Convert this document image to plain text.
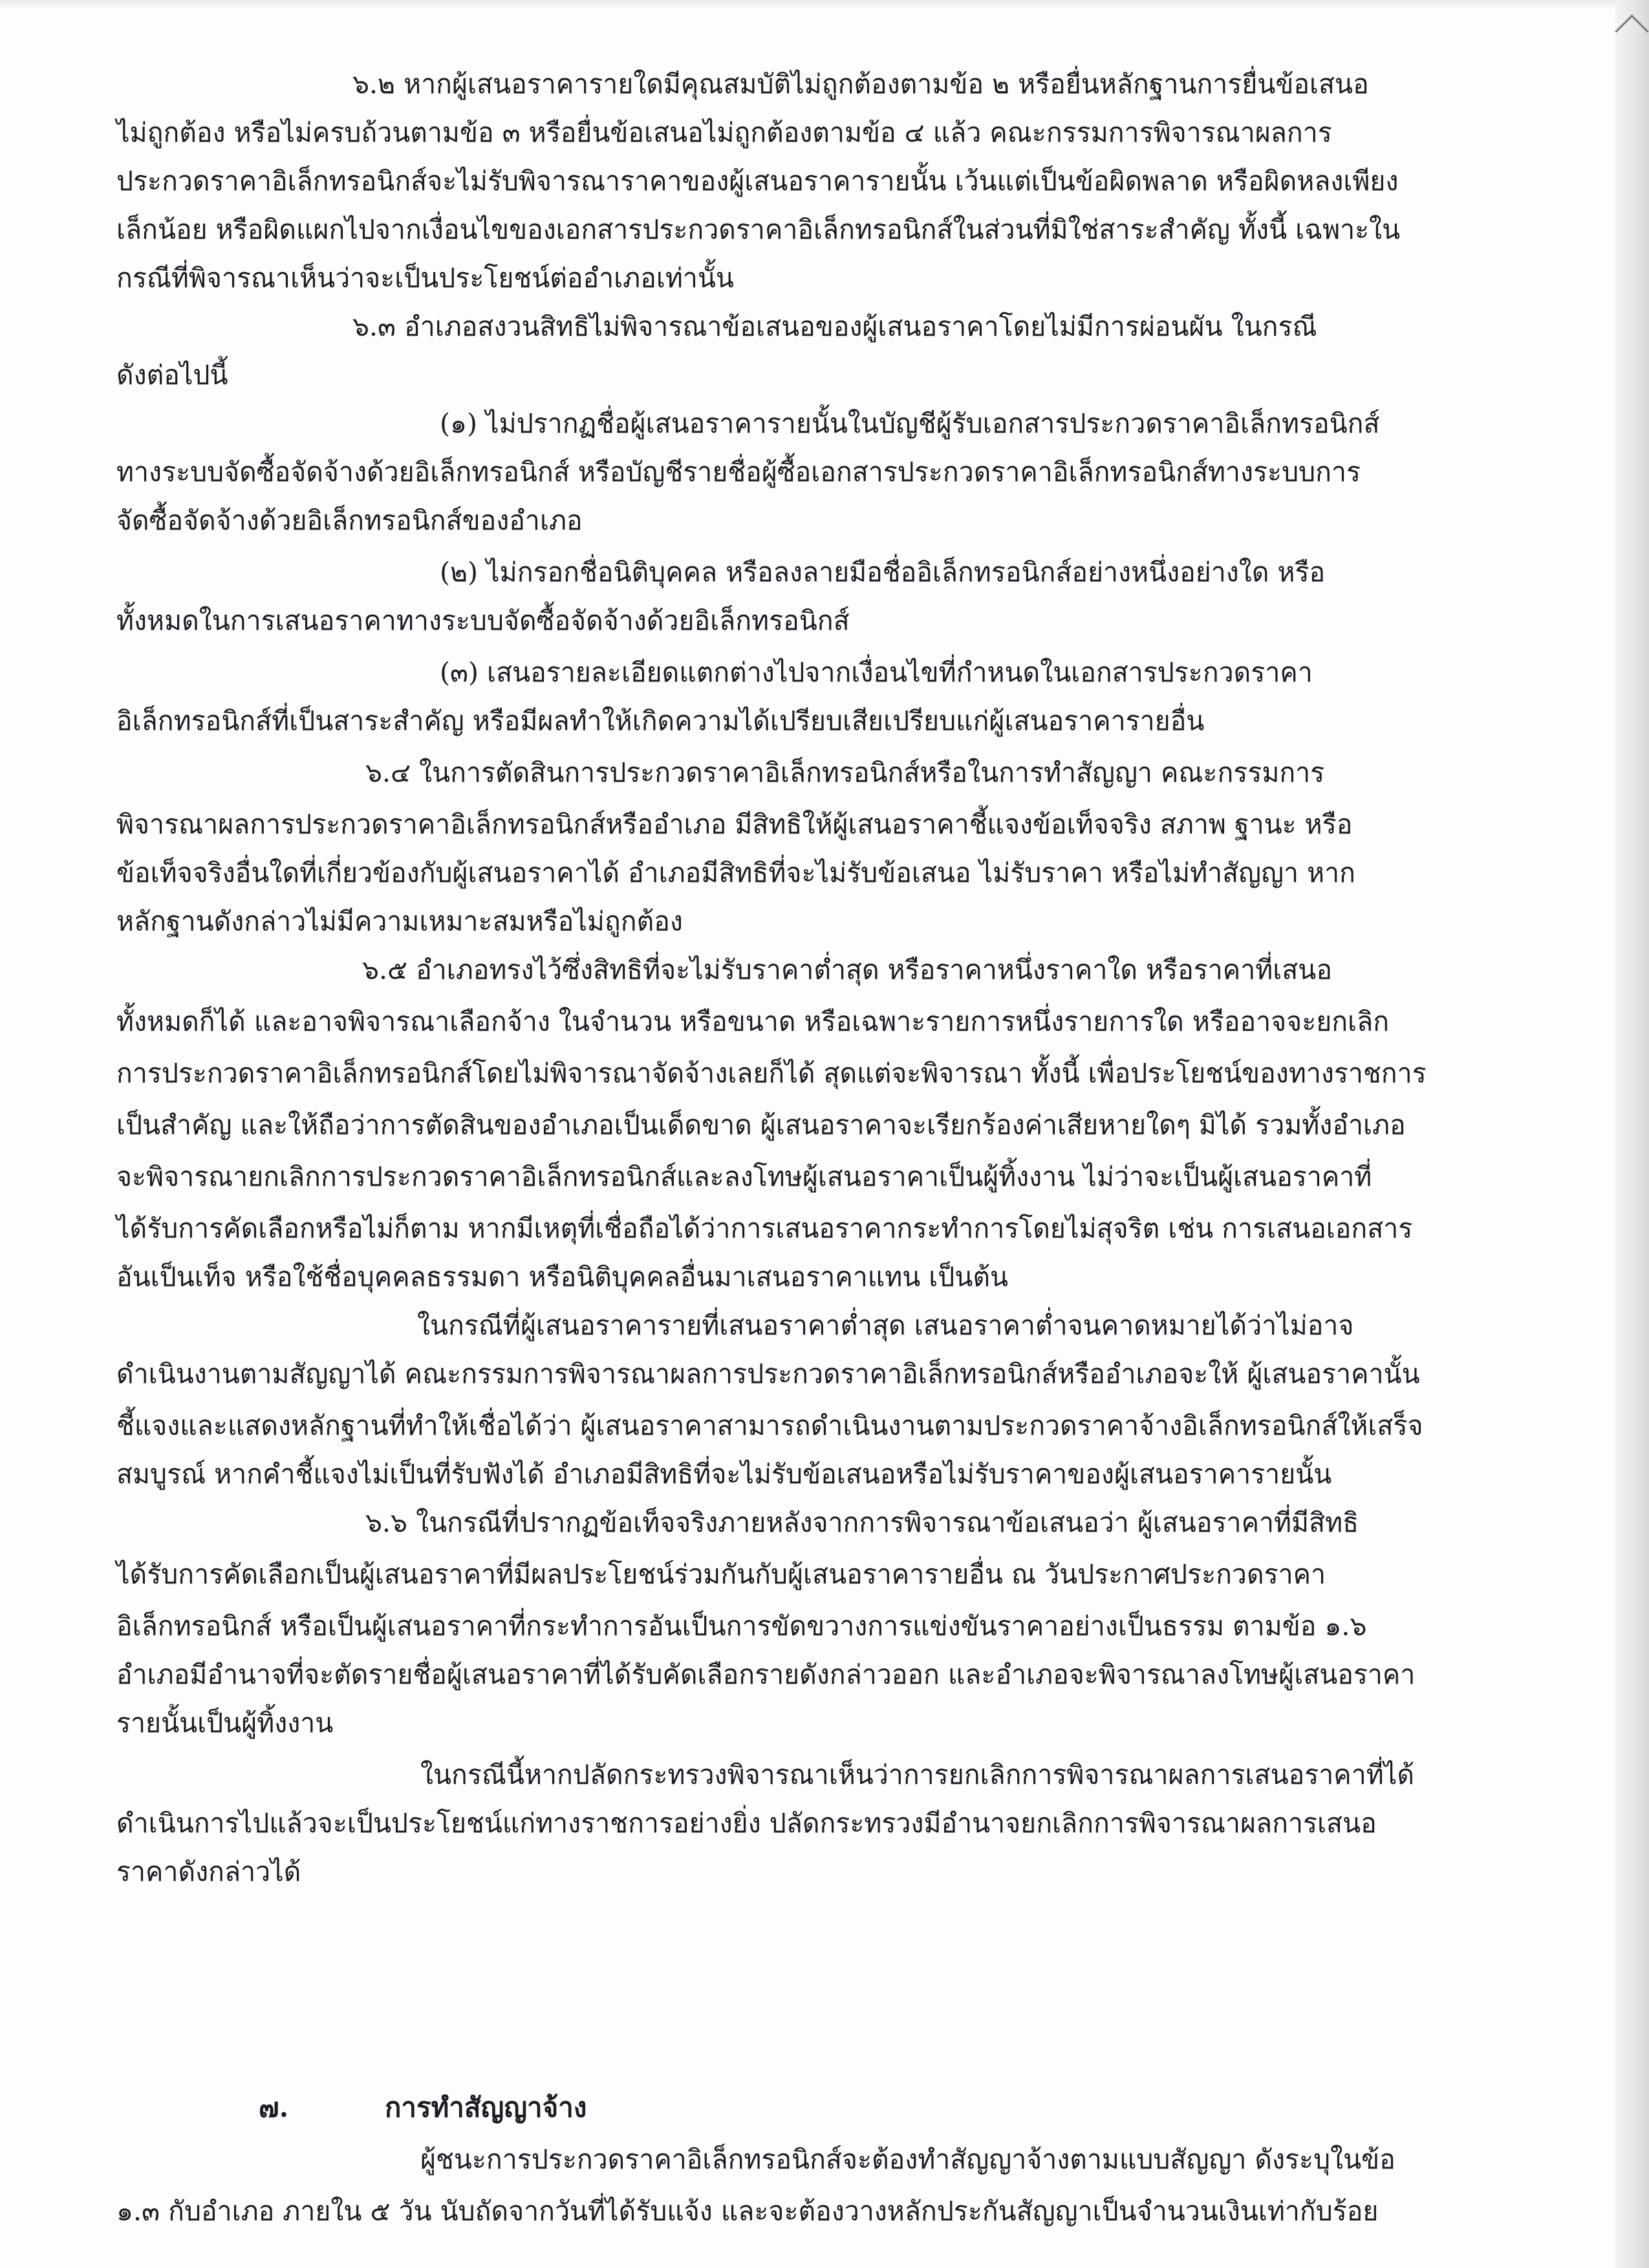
๖.๒ หากผู้เสนอราคารายใดมีคุณสมบัติไม่ถูกต้องตามข้อ ๒ หรือยื่นหลักฐานการยื่นข้อเสนอ
ไม่ถูกต้อง หรือไม่ครบถ้วนตามข้อ ๓ หรือยื่นข้อเสนอไม่ถูกต้องตามข้อ ๔ แล้ว คณะกรรมการพิจารณาผลการ
ประกวดราคาอิเล็กทรอนิกส์จะไม่รับพิจารณาราคาของผู้เสนอราคารายนั้น เว้นแต่เป็นข้อผิดพลาด หรือผิดหลงเพียง
เล็กน้อย หรือผิดแผกไปจากเงื่อนไขของเอกสารประกวดราคาอิเล็กทรอนิกส์ในส่วนที่มิใช่สาระสำคัญ ทั้งนี้ เฉพาะใน
กรณีที่พิจารณาเห็นว่าจะเป็นประโยชน์ต่ออำเภอเท่านั้น
๖.๓ อำเภอสงวนสิทธิไม่พิจารณาข้อเสนอของผู้เสนอราคาโดยไม่มีการผ่อนผัน ในกรณี
ดังต่อไปนี้
(๑) ไม่ปรากฏชื่อผู้เสนอราคารายนั้นในบัญชีผู้รับเอกสารประกวดราคาอิเล็กทรอนิกส์
ทางระบบจัดซื้อจัดจ้างด้วยอิเล็กทรอนิกส์ หรือบัญชีรายชื่อผู้ซื้อเอกสารประกวดราคาอิเล็กทรอนิกส์ทางระบบการ
จัดซื้อจัดจ้างด้วยอิเล็กทรอนิกส์ของอำเภอ
(๒) ไม่กรอกชื่อนิติบุคคล หรือลงลายมือชื่ออิเล็กทรอนิกส์อย่างหนึ่งอย่างใด หรือ
ทั้งหมดในการเสนอราคาทางระบบจัดซื้อจัดจ้างด้วยอิเล็กทรอนิกส์
(๓) เสนอรายละเอียดแตกต่างไปจากเงื่อนไขที่กำหนดในเอกสารประกวดราคา
อิเล็กทรอนิกส์ที่เป็นสาระสำคัญ หรือมีผลทำให้เกิดความได้เปรียบเสียเปรียบแก่ผู้เสนอราคารายอื่น
๖.๔ ในการตัดสินการประกวดราคาอิเล็กทรอนิกส์หรือในการทำสัญญา คณะกรรมการ
พิจารณาผลการประกวดราคาอิเล็กทรอนิกส์หรืออำเภอ มีสิทธิให้ผู้เสนอราคาชี้แจงข้อเท็จจริง สภาพ ฐานะ หรือ
ข้อเท็จจริงอื่นใดที่เกี่ยวข้องกับผู้เสนอราคาได้ อำเภอมีสิทธิที่จะไม่รับข้อเสนอ ไม่รับราคา หรือไม่ทำสัญญา หาก
หลักฐานดังกล่าวไม่มีความเหมาะสมหรือไม่ถูกต้อง
๖.๕ อำเภอทรงไว้ซึ่งสิทธิที่จะไม่รับราคาต่ำสุด หรือราคาหนึ่งราคาใด หรือราคาที่เสนอ
ทั้งหมดก็ได้ และอาจพิจารณาเลือกจ้าง ในจำนวน หรือขนาด หรือเฉพาะรายการหนึ่งรายการใด หรืออาจจะยกเลิก
การประกวดราคาอิเล็กทรอนิกส์โดยไม่พิจารณาจัดจ้างเลยก็ได้ สุดแต่จะพิจารณา ทั้งนี้ เพื่อประโยชน์ของทางราชการ
เป็นสำคัญ และให้ถือว่าการตัดสินของอำเภอเป็นเด็ดขาด ผู้เสนอราคาจะเรียกร้องค่าเสียหายใดๆ มิได้ รวมทั้งอำเภอ
จะพิจารณายกเลิกการประกวดราคาอิเล็กทรอนิกส์และลงโทษผู้เสนอราคาเป็นผู้ทิ้งงาน ไม่ว่าจะเป็นผู้เสนอราคาที่
ได้รับการคัดเลือกหรือไม่ก็ตาม หากมีเหตุที่เชื่อถือได้ว่าการเสนอราคากระทำการโดยไม่สุจริต เช่น การเสนอเอกสาร
อันเป็นเท็จ หรือใช้ชื่อบุคคลธรรมดา หรือนิติบุคคลอื่นมาเสนอราคาแทน เป็นต้น
ในกรณีที่ผู้เสนอราคารายที่เสนอราคาต่ำสุด เสนอราคาต่ำจนคาดหมายได้ว่าไม่อาจ
ดำเนินงานตามสัญญาได้ คณะกรรมการพิจารณาผลการประกวดราคาอิเล็กทรอนิกส์หรืออำเภอจะให้ ผู้เสนอราคานั้น
ชี้แจงและแสดงหลักฐานที่ทำให้เชื่อได้ว่า ผู้เสนอราคาสามารถดำเนินงานตามประกวดราคาจ้างอิเล็กทรอนิกส์ให้เสร็จ
สมบูรณ์ หากคำชี้แจงไม่เป็นที่รับฟังได้ อำเภอมีสิทธิที่จะไม่รับข้อเสนอหรือไม่รับราคาของผู้เสนอราคารายนั้น
๖.๖ ในกรณีที่ปรากฏข้อเท็จจริงภายหลังจากการพิจารณาข้อเสนอว่า ผู้เสนอราคาที่มีสิทธิ
ได้รับการคัดเลือกเป็นผู้เสนอราคาที่มีผลประโยชน์ร่วมกันกับผู้เสนอราคารายอื่น ณ วันประกาศประกวดราคา
อิเล็กทรอนิกส์ หรือเป็นผู้เสนอราคาที่กระทำการอันเป็นการขัดขวางการแข่งขันราคาอย่างเป็นธรรม ตามข้อ ๑.๖
อำเภอมีอำนาจที่จะตัดรายชื่อผู้เสนอราคาที่ได้รับคัดเลือกรายดังกล่าวออก และอำเภอจะพิจารณาลงโทษผู้เสนอราคา
รายนั้นเป็นผู้ทิ้งงาน
ในกรณีนี้หากปลัดกระทรวงพิจารณาเห็นว่าการยกเลิกการพิจารณาผลการเสนอราคาที่ได้
ดำเนินการไปแล้วจะเป็นประโยชน์แก่ทางราชการอย่างยิ่ง ปลัดกระทรวงมีอำนาจยกเลิกการพิจารณาผลการเสนอ
ราคาดังกล่าวได้
๗.	การทำสัญญาจ้าง
ผู้ชนะการประกวดราคาอิเล็กทรอนิกส์จะต้องทำสัญญาจ้างตามแบบสัญญา ดังระบุในข้อ
๑.๓ กับอำเภอ ภายใน ๕ วัน นับถัดจากวันที่ได้รับแจ้ง และจะต้องวางหลักประกันสัญญาเป็นจำนวนเงินเท่ากับร้อย
